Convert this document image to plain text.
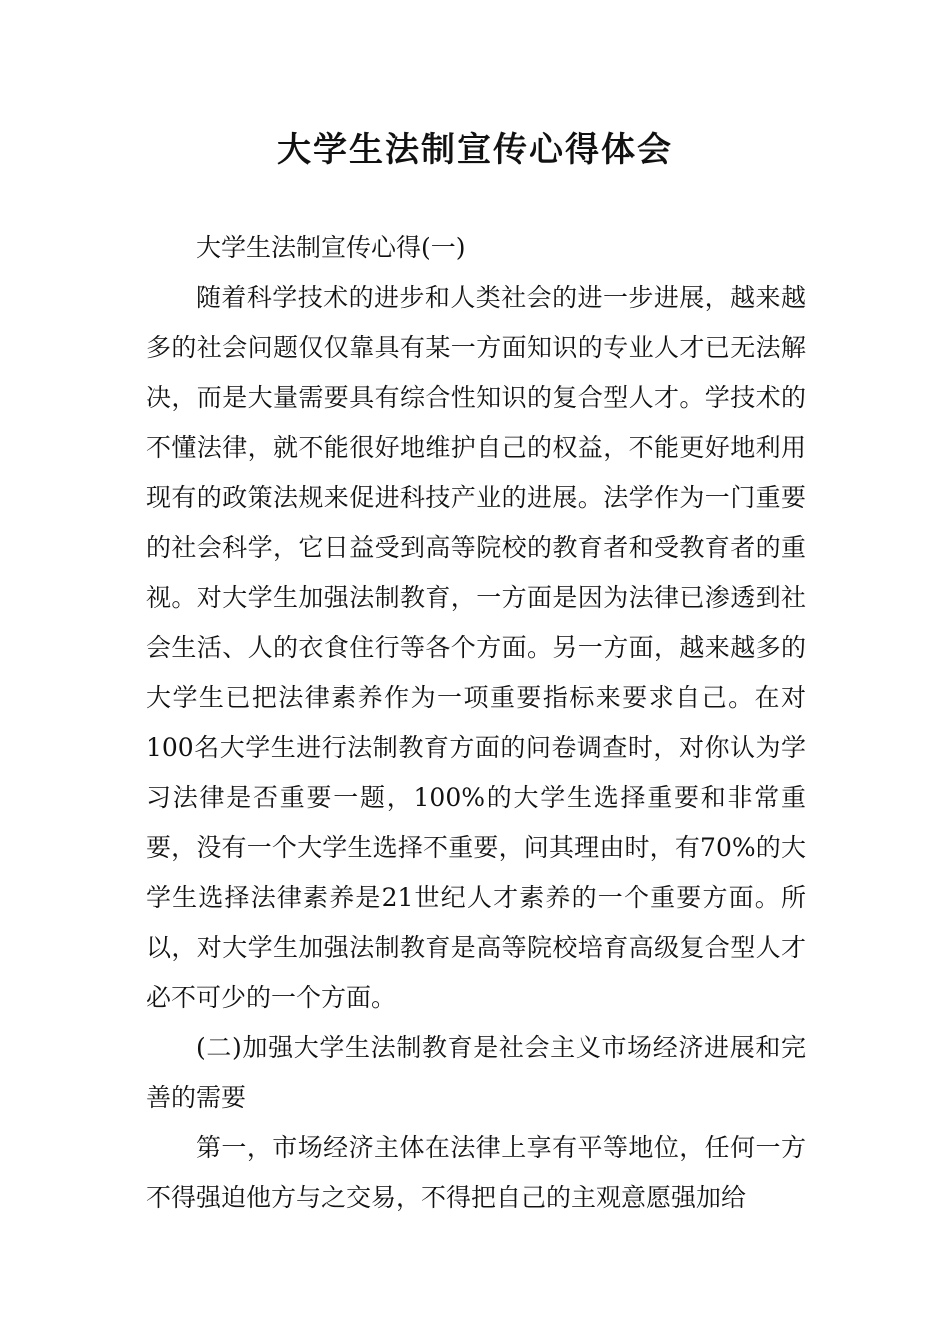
大学生法制宣传心得体会

大学生法制宣传心得(一)

随着科学技术的进步和人类社会的进一步进展，越来越多的社会问题仅仅靠具有某一方面知识的专业人才已无法解决，而是大量需要具有综合性知识的复合型人才。学技术的不懂法律，就不能很好地维护自己的权益，不能更好地利用现有的政策法规来促进科技产业的进展。法学作为一门重要的社会科学，它日益受到高等院校的教育者和受教育者的重视。对大学生加强法制教育，一方面是因为法律已渗透到社会生活、人的衣食住行等各个方面。另一方面，越来越多的大学生已把法律素养作为一项重要指标来要求自己。在对100名大学生进行法制教育方面的问卷调查时，对你认为学习法律是否重要一题，100%的大学生选择重要和非常重要，没有一个大学生选择不重要，问其理由时，有70%的大学生选择法律素养是21世纪人才素养的一个重要方面。所以，对大学生加强法制教育是高等院校培育高级复合型人才必不可少的一个方面。

(二)加强大学生法制教育是社会主义市场经济进展和完善的需要

第一，市场经济主体在法律上享有平等地位，任何一方不得强迫他方与之交易，不得把自己的主观意愿强加给
